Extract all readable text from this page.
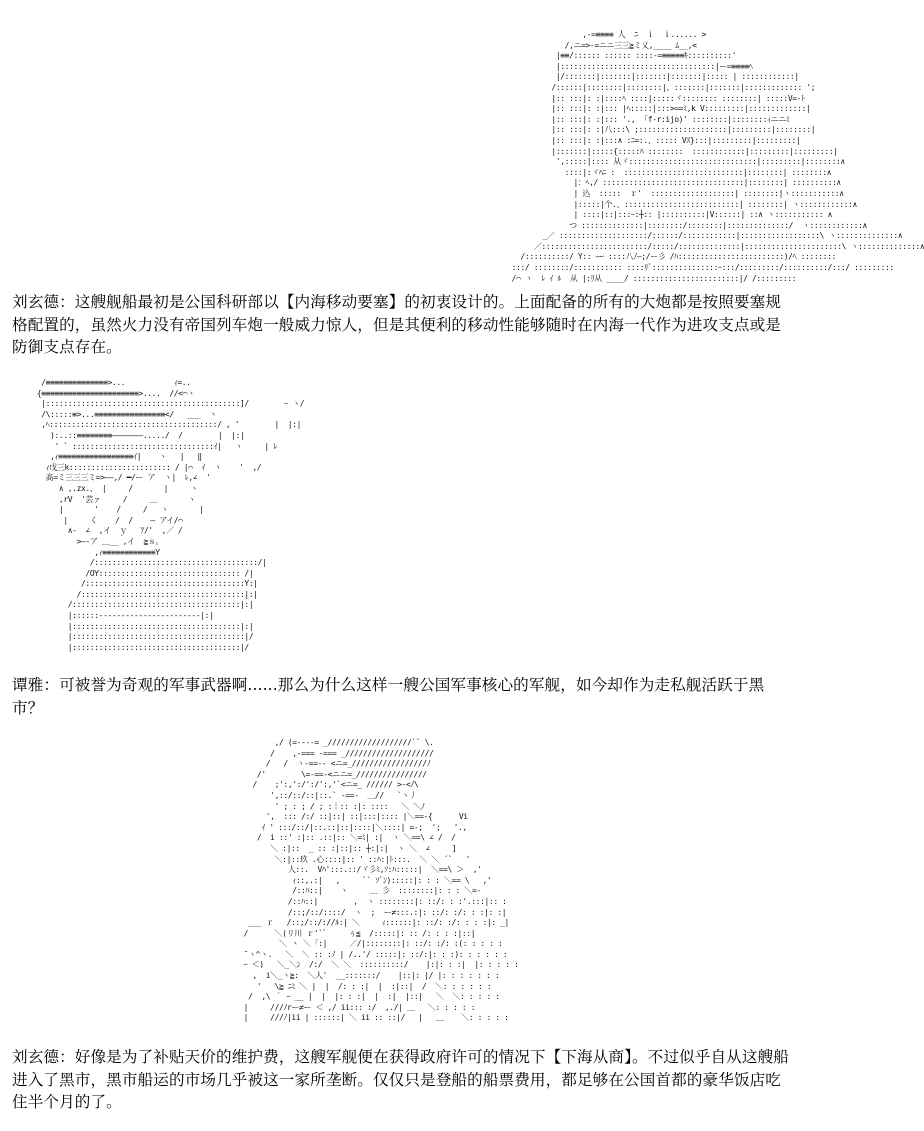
,-=≡≡≡≡ 人  ﾆ  ｉ  ｉ...... >
/,ニ=>‐=ニニ三三≧ミ乂,____ ﾑ__,<
|≡≡/:::::: :::::: ::::-=≡≡≡≡≡ｷ::::::::::'
|:::::::::::::::::::::::::::::::::::|ー=≡≡≡≡ﾍ
|/:::::::|:::::::|:::::::|:::::::|::::: | ::::::::::::|
/::::::|::::::::|::::::::|、:::::::|:::::::|::::::::::::: ';
|:: :::|: :|::::ﾍ ::::|:::::ヾ:::::::: ::::::::| :::::V=‐ﾄ
|:: :::|: :|::: |ﾍ:::::|:::>==ﾐ,k V:::::::::|:::::::::::::|
|:: :::|: :|::: '.,  ｢f-r:ijo)' ::::::::|::::::::ｨニニﾐ
|:: :::|: :|八:::\ ;::::::::::::::::::::|:::::::::|::::::::|
|:: :::|: :|:::∧ :ﾆ=:.、::::: Vｽ}:::|:::::::::|:::::::::|
|:::::::|:::::{:::::ﾊ ::::::::  ::::::::::::|:::::::::|:::::::::|
',:::::|:::: 从ヾ:::::::::::::::::::::::::::::|:::::::::|::::::::∧
::::|:ヾﾊﾆ :  :::::::::::::::::::::::::::|::::::::| ::::::::∧
|：ﾍ,/ ::::::::::::::::::::::::::::::::|::::::::| ::::::::::∧
| 込  :::::  ｒ'  :::::::::::::::::::| ::::::::|ヽ:::::::::::∧
|:::::|个.、::::::::::::::::::::::::::| ::::::::| ヽ::::::::::::∧
| ::::|::|:::ｰ:┼:: |::::::::::|V::::::| ::∧ ヽ::::::::::: ∧
つ ::::::::::::::|::::::::/::::::::|::::::::::::::/  ヽ::::::::::::∧
_／ ::::::::::::::::::::/::::::/::::::::::::|::::::::::::::::::\ ヽ::::::::::::::∧
／::::::::::::::::::::::::/:::::/::::::::::::::|::::::::::::::::::::::\ ヽ::::::::::::::∧
/::::::::::/ Y:: ―ｰ ::::八ﾉ―;/ー彡 /ﾊ::::::::::::::::::::::::)/ﾍ ::::::::
:::/ ::::::::/::::::::::: ::::ﾘﾞ:::::::::::::::ｰ:::/:::::::::/::::::::::/:::/ :::::::::
/⌒ ヽ  ﾚ ｲ ﾙ  从 |:ﾘ从 ____/ ::::::::::::::::::::::::|/ /:::::::::

刘玄德：这艘舰船最初是公国科研部以【内海移动要塞】的初衷设计的。上面配备的所有的大炮都是按照要塞规格配置的，虽然火力没有帝国列车炮一般威力惊人，但是其便利的移动性能够随时在内海一代作为进攻支点或是防御支点存在。

/≡≡≡≡≡≡≡≡≡≡≡≡≡≡>...           ｨ=..
{≡≡≡≡≡≡≡≡≡≡≡≡≡≡≡≡≡≡≡≡≡≡>....  //<⌒ヽ
|::::::::::::::::::::::::::::::::::::::::::::]/        ｰ ヽ/
/\:::::≡>...≡≡≡≡≡≡≡≡≡≡≡≡≡≡≡≡</   ___  ヽ
,ﾍ::::::::::::::::::::::::::::::::::::::/ , '        |  |:|
):..::≡≡≡≡≡≡≡≡———————...../  /        |  |:|
' ` ::::::::::::::::::::::::::::::::ｲ|   ヽ     | ﾚ
,ｨ≡≡≡≡≡≡≡≡≡≡≡≡≡≡≡≡≡ｲ|    ヽ   |   ‖
ｨ戊三k::::::::::::::::::::::: / |⌒  ｲ  ヽ    '  ,/
髙=ミ三三三ミ=>――,/ ━/ー ア  ヽ|  ﾚ,∠  '
∧ ,.zx.、 |     /       |     ヽ
,rV  '芸ァ     /     ＿       ヽ
|       '    /     /   ヽ       |
|     く    /  /    ― アイ/⌒
∧-  ∠  ,イ  ｙ   ｱ/'  ,／ /
>―-ア ＿__ ,イ  ≧ｓ。
,ｨ≡≡≡≡≡≡≡≡≡≡≡≡Y
/:::::::::::::::::::::::::::::::::::::/|
/OY:::::::::::::::::::::::::::::::: /|
/::::::::::::::::::::::::::::::::::::Y:|
/:::::::::::::::::::::::::::::::::::::|:|
/::::::::::::::::::::::::::::::::::::::|:|
|::::::‐‐‐‐‐‐‐‐‐‐‐‐‐‐‐‐‐‐‐‐‐‐‐|:|
|::::::::::::::::::::::::::::::::::::::|:|
|:::::::::::::::::::::::::::::::::::::::|/
|::::::::::::::::::::::::::::::::::::::|/

谭雅：可被誉为奇观的军事武器啊......那么为什么这样一艘公国军事核心的军舰，如今却作为走私舰活跃于黑市？

,/ (=----= _///////////////////`` \.
/    ,-=== -=== _////////////////////
/   /  ヽ-==-- <ニ=_/////////////////ﾉ
/'        \=-==-<ニニ=_////////////////
/    ;':,':/':/':,'`<ニ=_ ////// >-<ﾉ\
',::/::/::|::.` -==-  ＿//   `ヽ丿
' ; : ; / ; :｜:: :|: ::::   ＼ ＼ﾉ
',  ::: /:/ ::|::| ::|:::|:::: |＼==-{      Vi
ｲ ' :::/::/|::.::|::|::::|＼::::| =-;  ';   '.,
/  i ::' :|:: .::|:: ＼=ﾐ| :|  ヽ ＼==\ ∠ /  /
＼ :|::  _ :: :|::|:: ┼:|:|  ヽ ＼  ∠     ]
＼:|::玖 .心::::|:: ' ::ﾊ:|ﾄ:::.  ＼ ＼ ´`   '
人::.  Vﾊ':::.::/ヾ彡ﾐ,ｿ:ﾊ:::::|  ＼==\ ＞  ,'
ｨ::,.:|   ,     `` ｿﾞﾝ):::::|: : : ＼== \   ,'
/::ﾊ::|    ヽ     ＿ 彡  ::::::::|: : : ＼=-
/::ﾊ::|        ,  ヽ ::::::::|: ::/: : :'.:::|:: :
/::;/::/::::/  ヽ  ;  ー≠:::.:|: ::/: :/: : :|: :|
___ ｒ   /::;/::/://ﾙ:| ＼     ｨ::::::|: ::/: :/: : : :|: _|
/      ＼(リ川 ｒ'`ﾞ     ぅ≦  /:::::|: :: /: : : :|::|
＼ ヽ ＼「:|     ／/|::::::::|: ::/: :/: :(: : : : :
¯ヽ^ヽ.   ＼  ＼ :: :ﾉ | /..'/ :::::|: ::/:|: : :): : : : : :
ｰ ＜)   ＼_＼ﾝ  /:/  ＼ ＼  ::::::::::/    |:|: : :|  |: : : : :
,  i＼_ヽ≧:  ＼人'  __:::::::/    |::|: |/ |: : : : : : :
'   \≧ ﾆﾐ ＼ |  |  /: : :|  |  :|::|  /  ＼: : : : : :
/  ,\ ｀ ｰ __ |  |  |: : :|  |  :|  |::|   ＼  ＼: : : : :
|     ///ﾉrー≠ー ＜ ,/ ii::: :/  ,./| ＿   ＼: : : : :
|     ///ﾉ|ii | ::::::| ＼ ii :: ::|/   |   ＿    ＼: : : : :

刘玄德：好像是为了补贴天价的维护费，这艘军舰便在获得政府许可的情况下【下海从商】。不过似乎自从这艘船进入了黑市，黑市船运的市场几乎被这一家所垄断。仅仅只是登船的船票费用，都足够在公国首都的豪华饭店吃住半个月的了。
